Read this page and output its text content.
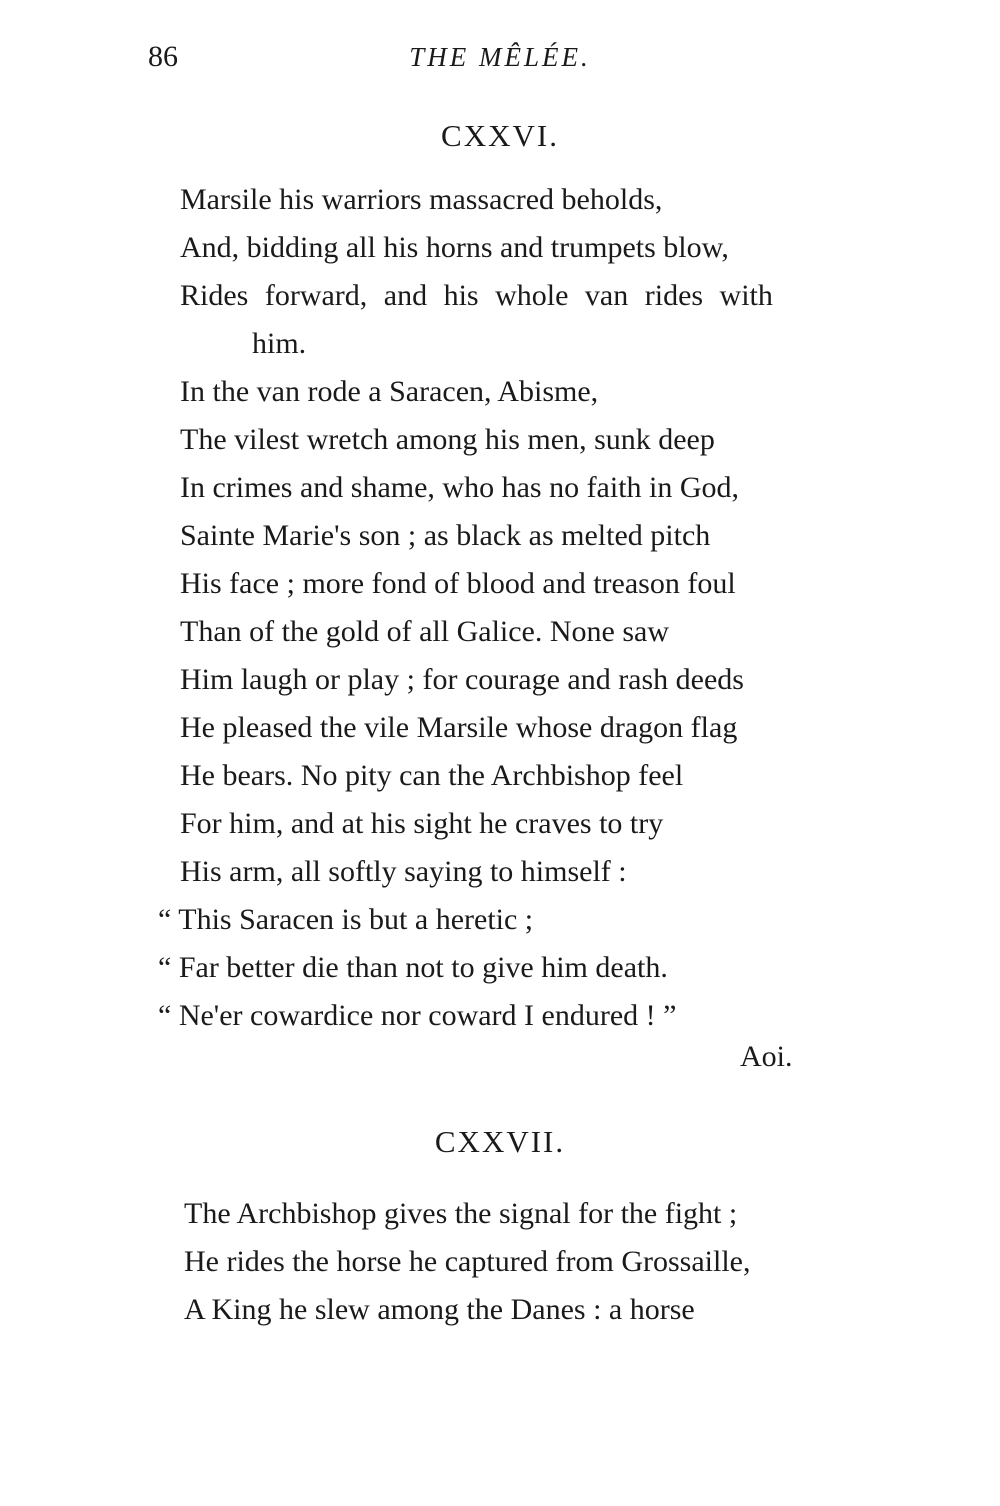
86	THE MÊLÉE.
CXXVI.
Marsile his warriors massacred beholds,
And, bidding all his horns and trumpets blow,
Rides forward, and his whole van rides with
him.
In the van rode a Saracen, Abisme,
The vilest wretch among his men, sunk deep
In crimes and shame, who has no faith in God,
Sainte Marie's son ; as black as melted pitch
His face ; more fond of blood and treason foul
Than of the gold of all Galice. None saw
Him laugh or play ; for courage and rash deeds
He pleased the vile Marsile whose dragon flag
He bears. No pity can the Archbishop feel
For him, and at his sight he craves to try
His arm, all softly saying to himself :
“ This Saracen is but a heretic ;
“ Far better die than not to give him death.
“ Ne'er cowardice nor coward I endured ! ”
Aoi.
CXXVII.
The Archbishop gives the signal for the fight ;
He rides the horse he captured from Grossaille,
A King he slew among the Danes : a horse
